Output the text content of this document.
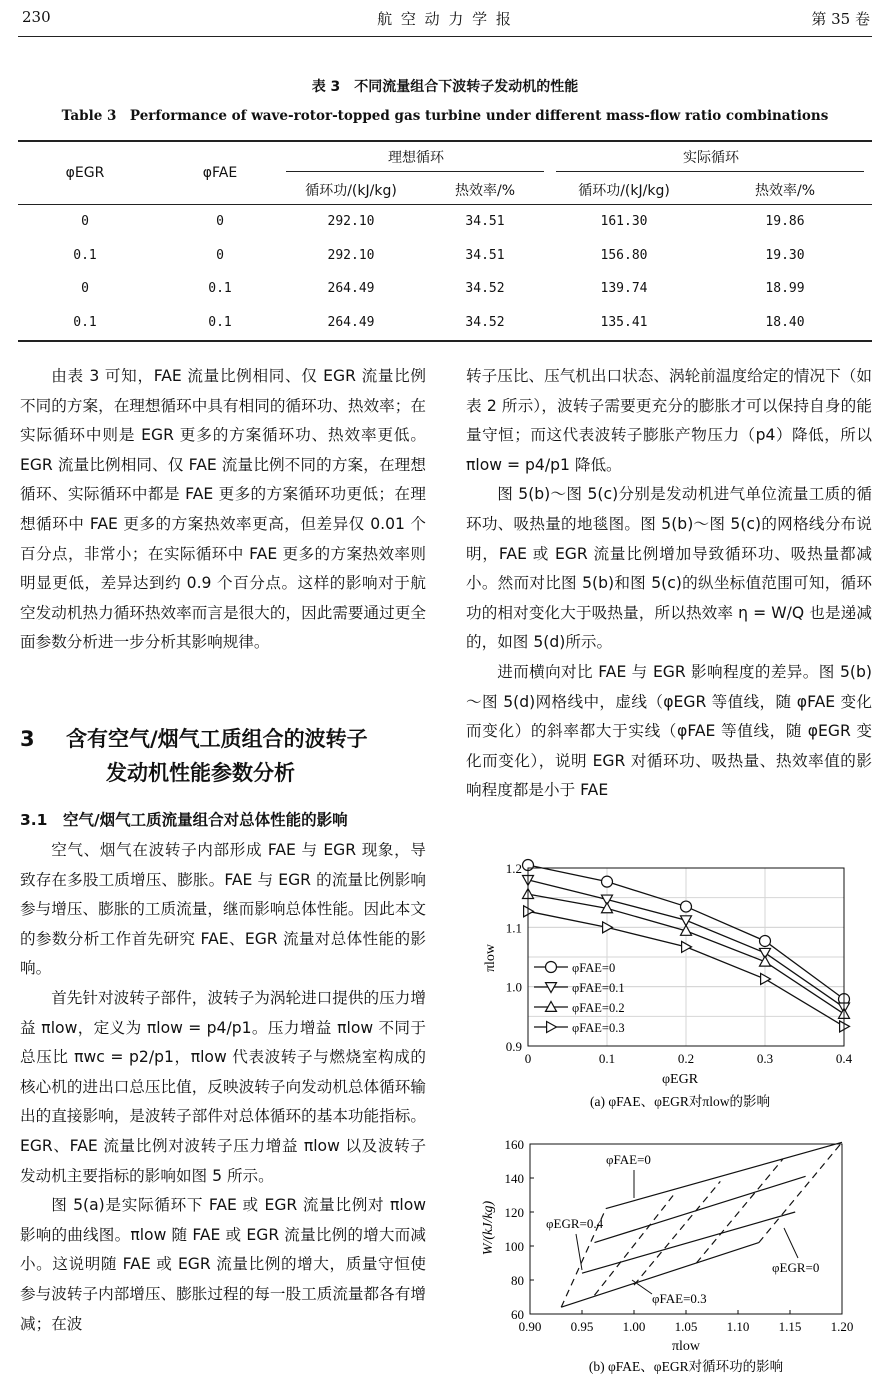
230	航 空 动 力 学 报	第 35 卷
表 3　不同流量组合下波转子发动机的性能
Table 3　Performance of wave-rotor-topped gas turbine under different mass-flow ratio combinations
φEGR	φFAE
理想循环	实际循环
循环功/(kJ/kg)	热效率/%	循环功/(kJ/kg)	热效率/%
0	0	292.10	34.51	161.30	19.86
0.1	0	292.10	34.51	156.80	19.30
0	0.1	264.49	34.52	139.74	18.99
0.1	0.1	264.49	34.52	135.41	18.40

由表 3 可知，FAE 流量比例相同、仅 EGR 流量比例不同的方案，在理想循环中具有相同的循环功、热效率；在实际循环中则是 EGR 更多的方案循环功、热效率更低。EGR 流量比例相同、仅 FAE 流量比例不同的方案，在理想循环、实际循环中都是 FAE 更多的方案循环功更低；在理想循环中 FAE 更多的方案热效率更高，但差异仅 0.01 个百分点，非常小；在实际循环中 FAE 更多的方案热效率则明显更低，差异达到约 0.9 个百分点。这样的影响对于航空发动机热力循环热效率而言是很大的，因此需要通过更全面参数分析进一步分析其影响规律。

3	含有空气/烟气工质组合的波转子
发动机性能参数分析
3.1　空气/烟气工质流量组合对总体性能的影响

空气、烟气在波转子内部形成 FAE 与 EGR 现象，导致存在多股工质增压、膨胀。FAE 与 EGR 的流量比例影响参与增压、膨胀的工质流量，继而影响总体性能。因此本文的参数分析工作首先研究 FAE、EGR 流量对总体性能的影响。

首先针对波转子部件，波转子为涡轮进口提供的压力增益 πlow，定义为 πlow = p4/p1。压力增益 πlow 不同于总压比 πwc = p2/p1，πlow 代表波转子与燃烧室构成的核心机的进出口总压比值，反映波转子向发动机总体循环输出的直接影响，是波转子部件对总体循环的基本功能指标。EGR、FAE 流量比例对波转子压力增益 πlow 以及波转子发动机主要指标的影响如图 5 所示。

图 5(a)是实际循环下 FAE 或 EGR 流量比例对 πlow 影响的曲线图。πlow 随 FAE 或 EGR 流量比例的增大而减小。这说明随 FAE 或 EGR 流量比例的增大，质量守恒使参与波转子内部增压、膨胀过程的每一股工质流量都各有增减；在波

转子压比、压气机出口状态、涡轮前温度给定的情况下（如表 2 所示），波转子需要更充分的膨胀才可以保持自身的能量守恒；而这代表波转子膨胀产物压力（p4）降低，所以 πlow = p4/p1 降低。

图 5(b)～图 5(c)分别是发动机进气单位流量工质的循环功、吸热量的地毯图。图 5(b)～图 5(c)的网格线分布说明，FAE 或 EGR 流量比例增加导致循环功、吸热量都减小。然而对比图 5(b)和图 5(c)的纵坐标值范围可知，循环功的相对变化大于吸热量，所以热效率 η = W/Q 也是递减的，如图 5(d)所示。

进而横向对比 FAE 与 EGR 影响程度的差异。图 5(b)～图 5(d)网格线中，虚线（φEGR 等值线，随 φFAE 变化而变化）的斜率都大于实线（φFAE 等值线，随 φEGR 变化而变化），说明 EGR 对循环功、吸热量、热效率值的影响程度都是小于 FAE

0	0.1	0.2	0.3	0.4
0.9
1.0
1.1
1.2
φEGR
πlow	φFAE=0
φFAE=0.1
φFAE=0.2
φFAE=0.3
(a) φFAE、φEGR对πlow的影响
0.90 0.95 1.00 1.05 1.10 1.15 1.20
60
80
100
120
140
160
πlow
W/(kJ/kg)
φFAE=0
φEGR=0.4
φEGR=0
φFAE=0.3
(b) φFAE、φEGR对循环功的影响
